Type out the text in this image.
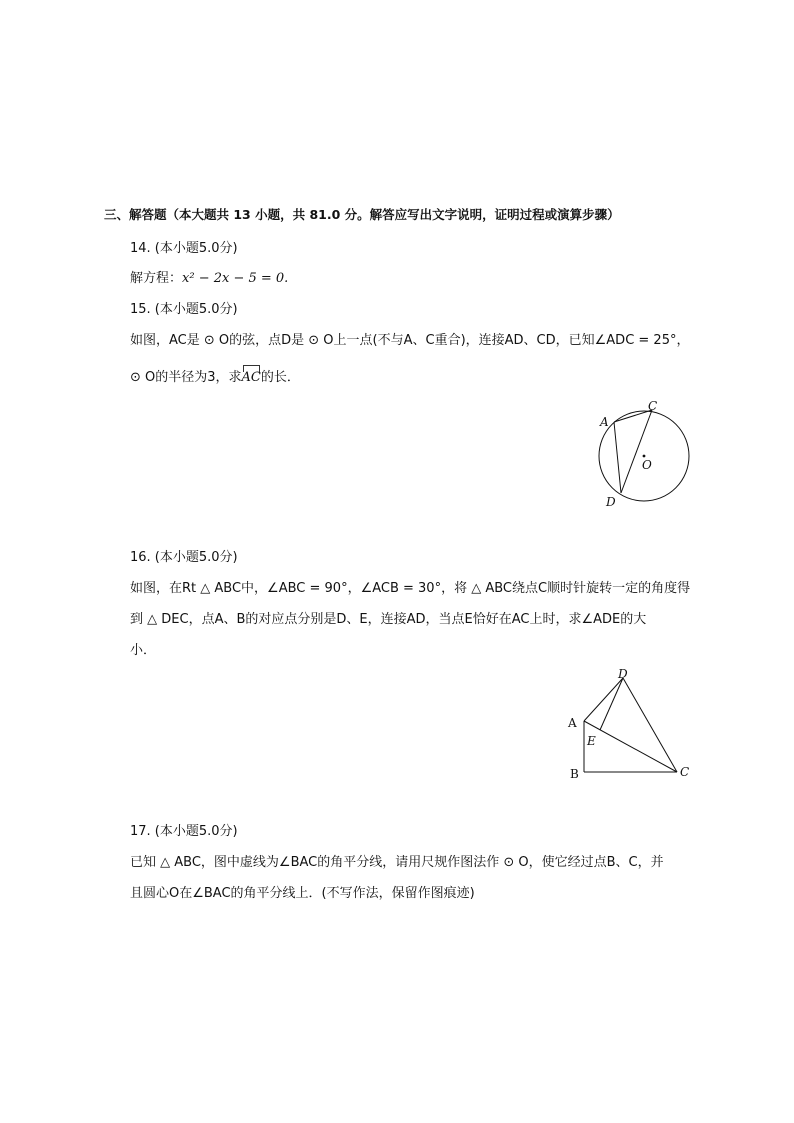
三、解答题（本大题共 13 小题，共 81.0 分。解答应写出文字说明，证明过程或演算步骤）
14. (本小题5.0分)
解方程：x² − 2x − 5 = 0.
15. (本小题5.0分)
如图，AC是 ⊙ O的弦，点D是 ⊙ O上一点(不与A、C重合)，连接AD、CD，已知∠ADC = 25°，
⊙ O的半径为3，求
AC的长．
A
C
O
D
16. (本小题5.0分)
如图，在Rt △ ABC中，∠ABC = 90°，∠ACB = 30°，将 △ ABC绕点C顺时针旋转一定的角度得
到 △ DEC，点A、B的对应点分别是D、E，连接AD，当点E恰好在AC上时，求∠ADE的大
小．
A
B	C
D
E
17. (本小题5.0分)
已知 △ ABC，图中虚线为∠BAC的角平分线，请用尺规作图法作 ⊙ O，使它经过点B、C，并
且圆心O在∠BAC的角平分线上．(不写作法，保留作图痕迹)
